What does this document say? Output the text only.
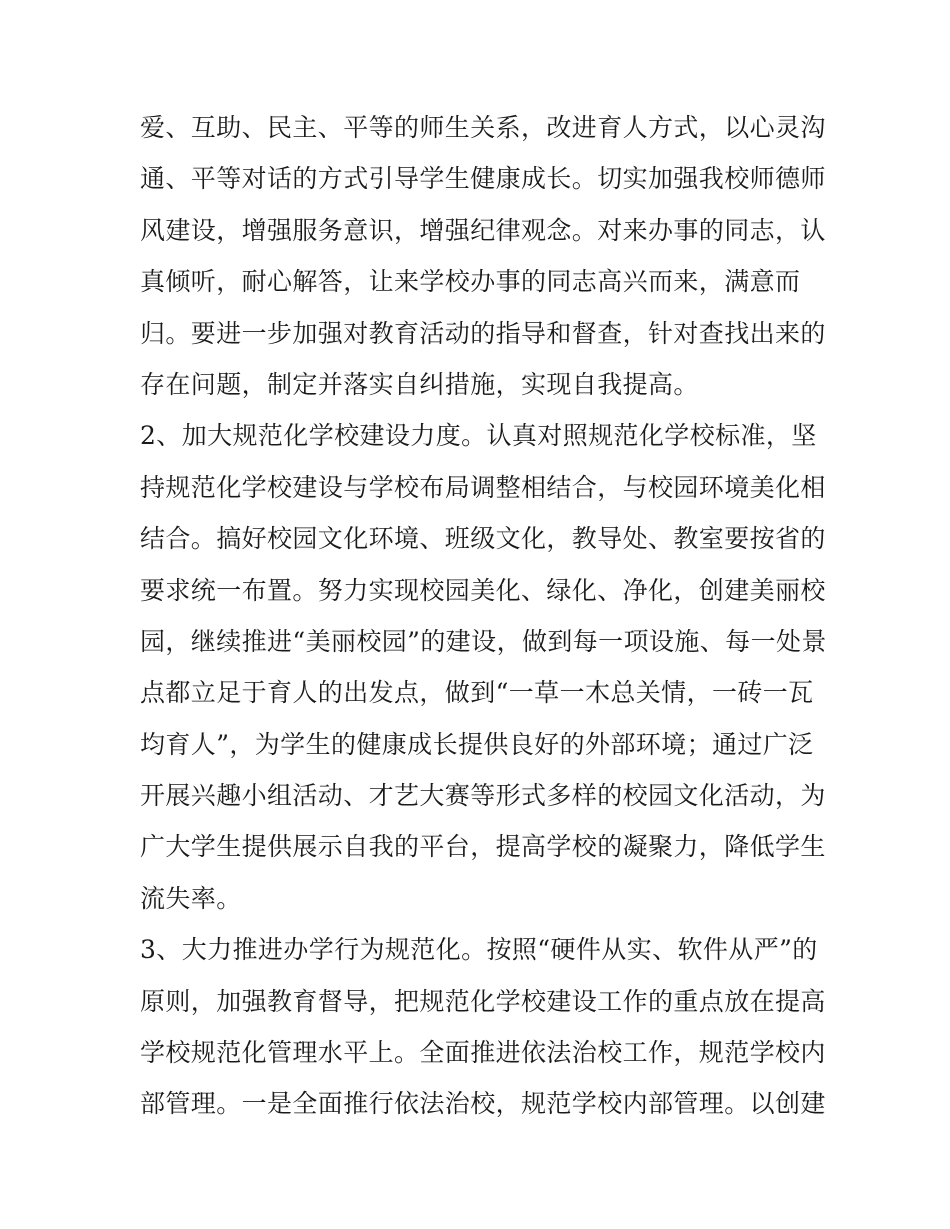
爱、互助、民主、平等的师生关系，改进育人方式，以心灵沟
通、平等对话的方式引导学生健康成长。切实加强我校师德师
风建设，增强服务意识，增强纪律观念。对来办事的同志，认
真倾听，耐心解答，让来学校办事的同志高兴而来，满意而
归。要进一步加强对教育活动的指导和督查，针对查找出来的
存在问题，制定并落实自纠措施，实现自我提高。
2、加大规范化学校建设力度。认真对照规范化学校标准，坚
持规范化学校建设与学校布局调整相结合，与校园环境美化相
结合。搞好校园文化环境、班级文化，教导处、教室要按省的
要求统一布置。努力实现校园美化、绿化、净化，创建美丽校
园，继续推进“美丽校园”的建设，做到每一项设施、每一处景
点都立足于育人的出发点，做到“一草一木总关情，一砖一瓦
均育人”，为学生的健康成长提供良好的外部环境；通过广泛
开展兴趣小组活动、才艺大赛等形式多样的校园文化活动，为
广大学生提供展示自我的平台，提高学校的凝聚力，降低学生
流失率。
3、大力推进办学行为规范化。按照“硬件从实、软件从严”的
原则，加强教育督导，把规范化学校建设工作的重点放在提高
学校规范化管理水平上。全面推进依法治校工作，规范学校内
部管理。一是全面推行依法治校，规范学校内部管理。以创建
